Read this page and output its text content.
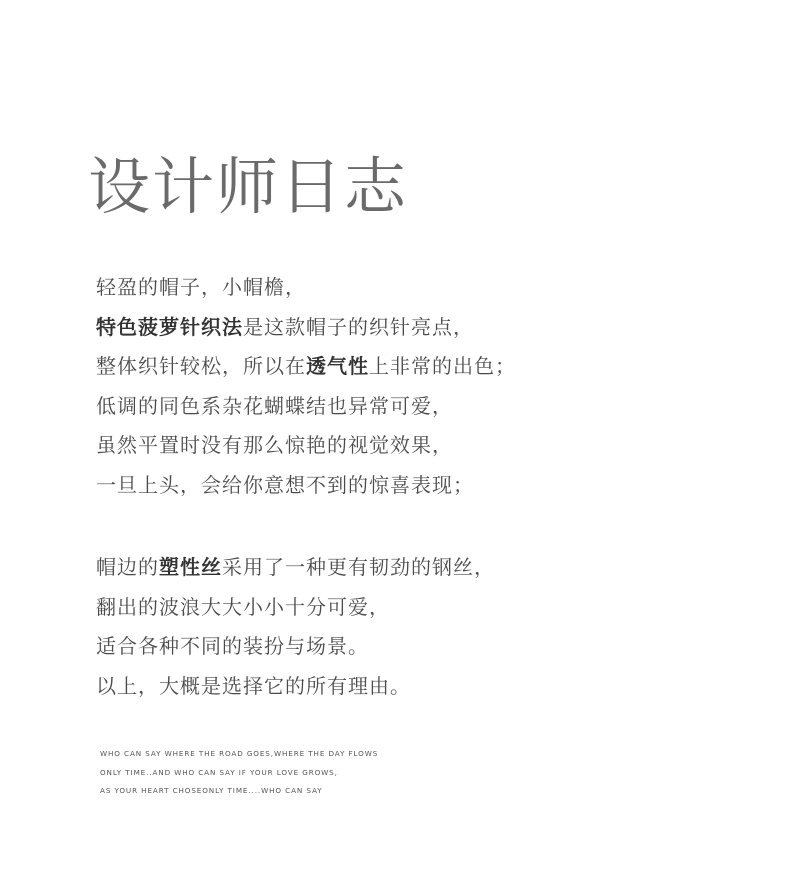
设计师日志
轻盈的帽子，小帽檐，
特色菠萝针织法是这款帽子的织针亮点，
整体织针较松，所以在透气性上非常的出色；
低调的同色系杂花蝴蝶结也异常可爱，
虽然平置时没有那么惊艳的视觉效果，
一旦上头，会给你意想不到的惊喜表现；
帽边的塑性丝采用了一种更有韧劲的钢丝，
翻出的波浪大大小小十分可爱，
适合各种不同的装扮与场景。
以上，大概是选择它的所有理由。
WHO CAN SAY WHERE THE ROAD GOES,WHERE THE DAY FLOWS
ONLY TIME..AND WHO CAN SAY IF YOUR LOVE GROWS,
AS YOUR HEART CHOSEONLY TIME....WHO CAN SAY
